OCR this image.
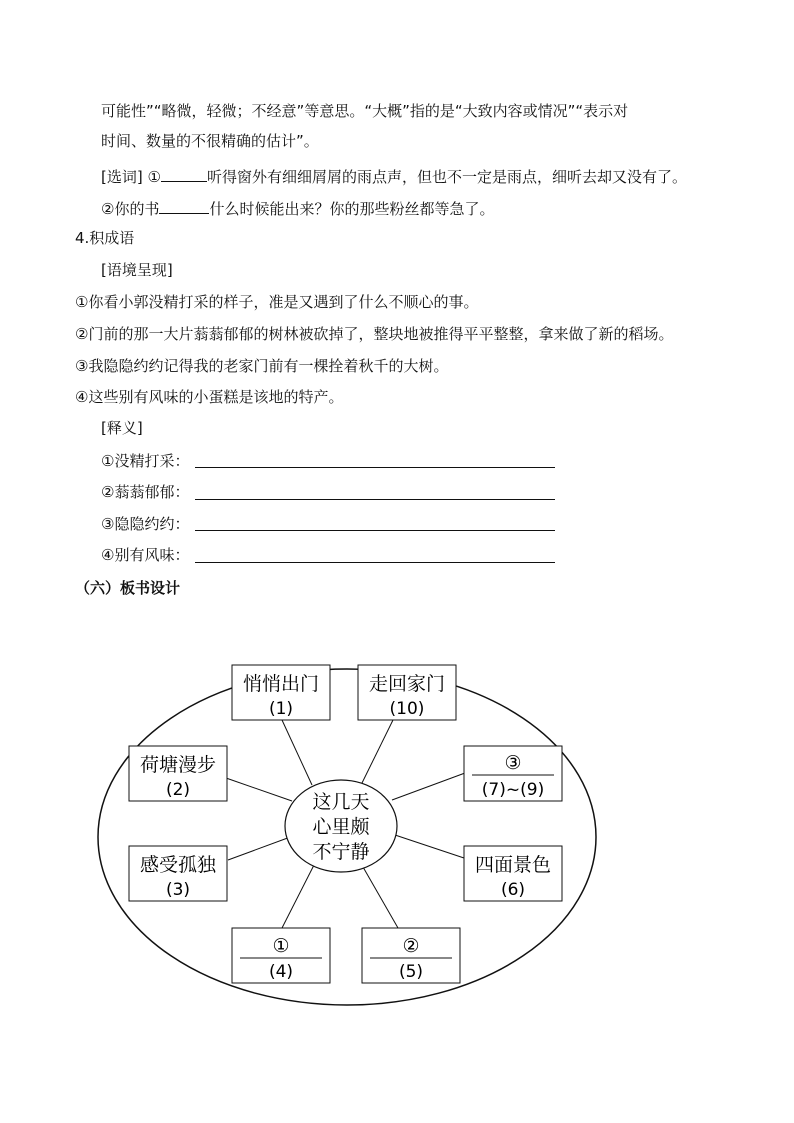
可能性”“略微，轻微；不经意”等意思。“大概”指的是“大致内容或情况”“表示对
时间、数量的不很精确的估计”。
[选词] ①	听得窗外有细细屑屑的雨点声，但也不一定是雨点，细听去却又没有了。
②你的书	什么时候能出来？你的那些粉丝都等急了。
4.积成语
[语境呈现]
①你看小郭没精打采的样子，准是又遇到了什么不顺心的事。
②门前的那一大片蓊蓊郁郁的树林被砍掉了，整块地被推得平平整整，拿来做了新的稻场。
③我隐隐约约记得我的老家门前有一棵拴着秋千的大树。
④这些别有风味的小蛋糕是该地的特产。
[释义]
①没精打采：
②蓊蓊郁郁：
③隐隐约约：
④别有风味：
（六）板书设计
这几天
心里颇
不宁静
悄悄出门
(1)
走回家门
(10)
荷塘漫步
(2)
③
(7)~(9)
感受孤独
(3)
四面景色
(6)
①
(4)
②
(5)
